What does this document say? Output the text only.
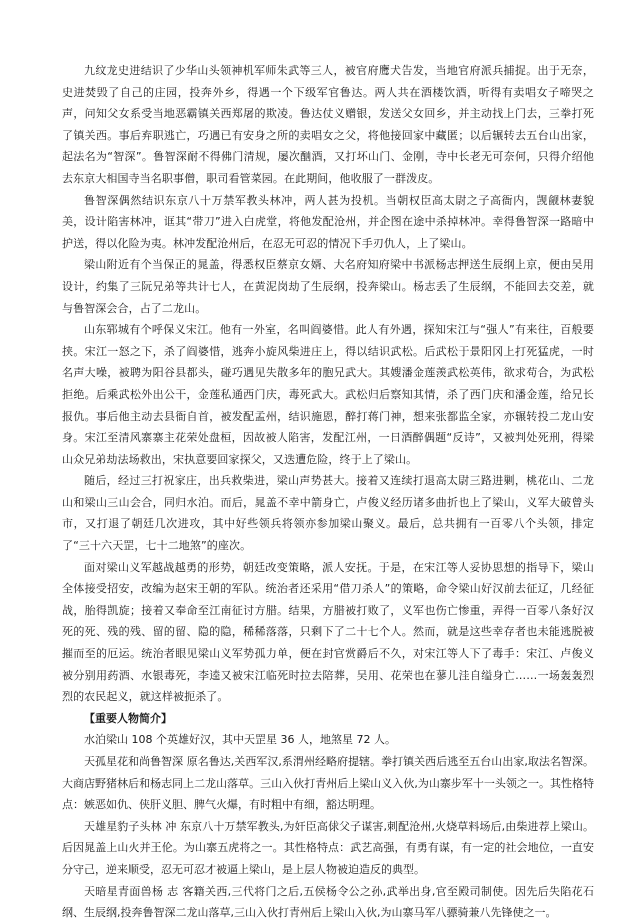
九纹龙史进结识了少华山头领神机军师朱武等三人，被官府鹰犬告发，当地官府派兵捕捉。出于无奈，史进焚毁了自己的庄园，投奔外乡，得遇一个下级军官鲁达。两人共在酒楼饮酒，听得有卖唱女子啼哭之声，问知父女系受当地恶霸镇关西郑屠的欺凌。鲁达仗义赠银，发送父女回乡，并主动找上门去，三拳打死了镇关西。事后弃职逃亡，巧遇已有安身之所的卖唱女之父，将他接回家中藏匿；以后辗转去五台山出家，起法名为“智深”。鲁智深耐不得佛门清规，屡次酗酒，又打坏山门、金刚，寺中长老无可奈何，只得介绍他去东京大相国寺当名职事僧，职司看管菜园。在此期间，他收服了一群泼皮。

鲁智深偶然结识东京八十万禁军教头林冲，两人甚为投机。当朝权臣高太尉之子高衙内，觊觎林妻貌美，设计陷害林冲，诓其“带刀”进入白虎堂，将他发配沧州，并企图在途中杀掉林冲。幸得鲁智深一路暗中护送，得以化险为夷。林冲发配沧州后，在忍无可忍的情况下手刃仇人，上了梁山。

梁山附近有个当保正的晁盖，得悉权臣蔡京女婿、大名府知府梁中书派杨志押送生辰纲上京，便由吴用设计，约集了三阮兄弟等共计七人，在黄泥岗劫了生辰纲，投奔梁山。杨志丢了生辰纲，不能回去交差，就与鲁智深会合，占了二龙山。

山东郓城有个呼保义宋江。他有一外室，名叫阎婆惜。此人有外遇，探知宋江与“强人”有来往，百般要挟。宋江一怒之下，杀了阎婆惜，逃奔小旋风柴进庄上，得以结识武松。后武松于景阳冈上打死猛虎，一时名声大噪，被聘为阳谷县都头，碰巧遇见失散多年的胞兄武大。其嫂潘金莲羡武松英伟，欲求苟合，为武松拒绝。后乘武松外出公干，金莲私通西门庆，毒死武大。武松归后察知其情，杀了西门庆和潘金莲，给兄长报仇。事后他主动去县衙自首，被发配孟州，结识施恩，醉打蒋门神，想来张都监全家，亦辗转投二龙山安身。宋江至清风寨寨主花荣处盘桓，因故被人陷害，发配江州，一日酒醉偶题“反诗”，又被判处死刑，得梁山众兄弟劫法场救出，宋执意要回家探父，又迭遭危险，终于上了梁山。

随后，经过三打祝家庄，出兵救柴进，梁山声势甚大。接着又连续打退高太尉三路进剿，桃花山、二龙山和梁山三山会合，同归水泊。而后，晁盖不幸中箭身亡，卢俊义经历诸多曲折也上了梁山，义军大破曾头市，又打退了朝廷几次进攻，其中好些领兵将领亦参加梁山聚义。最后，总共拥有一百零八个头领，排定了“三十六天罡，七十二地煞”的座次。

面对梁山义军越战越勇的形势，朝廷改变策略，派人安抚。于是，在宋江等人妥协思想的指导下，梁山全体接受招安，改编为赵宋王朝的军队。统治者还采用“借刀杀人”的策略，命令梁山好汉前去征辽，几经征战，胎得凯旋；接着又奉命至江南征讨方腊。结果，方腊被打败了，义军也伤亡惨重，弄得一百零八条好汉死的死、残的残、留的留、隐的隐，稀稀落落，只剩下了二十七个人。然而，就是这些幸存者也未能逃脱被摧而至的厄运。统治者眼见梁山义军势孤力单，便在封官赏爵后不久，对宋江等人下了毒手：宋江、卢俊义被分别用药酒、水银毒死，李逵又被宋江临死时拉去陪葬，吴用、花荣也在蓼儿洼自缢身亡……一场轰轰烈烈的农民起义，就这样被扼杀了。

【重要人物简介】

水泊梁山 108 个英雄好汉，其中天罡星 36 人，地煞星 72 人。

天孤星花和尚鲁智深 原名鲁达,关西军汉,系渭州经略府提辖。拳打镇关西后逃至五台山出家,取法名智深。大商店野猪林后和杨志同上二龙山落草。三山入伙打青州后上梁山义入伙,为山寨步军十一头领之一。其性格特点：嫉恶如仇、侠肝义胆、脾气火爆，有时粗中有细，豁达明理。

天雄星豹子头林 冲 东京八十万禁军教头,为奸臣高俅父子谋害,刺配沧州,火烧草料场后,由柴进荐上梁山。后因晁盖上山火并王伦。为山寨五虎将之一。其性格特点：武艺高强，有勇有谋，有一定的社会地位，一直安分守己，逆来顺受，忍无可忍才被逼上梁山，是上层人物被迫造反的典型。

天暗星青面兽杨 志 客籍关西,三代将门之后,五侯杨令公之孙,武举出身,官至殿司制使。因先后失陷花石纲、生辰纲,投奔鲁智深二龙山落草,三山入伙打青州后上梁山入伙,为山寨马军八骠骑兼八先锋使之一。
